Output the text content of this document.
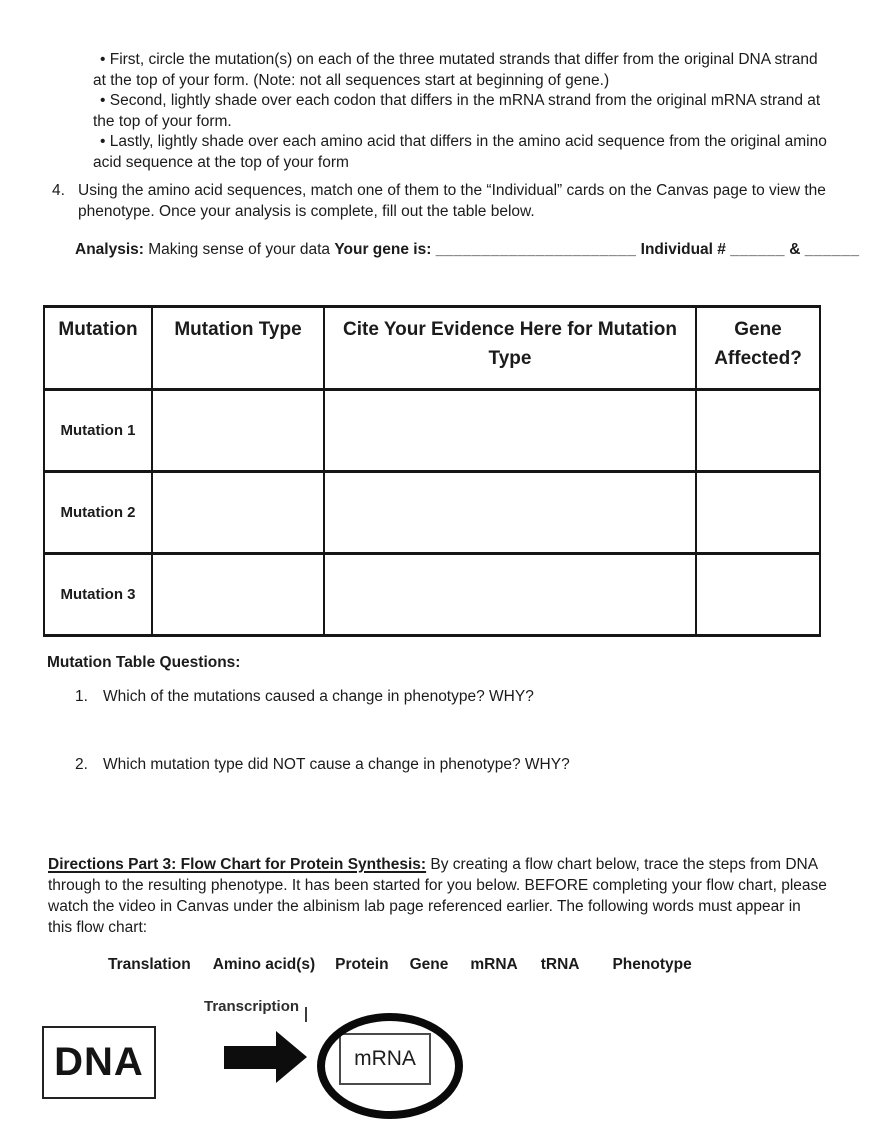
• First, circle the mutation(s) on each of the three mutated strands that differ from the original DNA strand at the top of your form. (Note: not all sequences start at beginning of gene.)
• Second, lightly shade over each codon that differs in the mRNA strand from the original mRNA strand at the top of your form.
• Lastly, lightly shade over each amino acid that differs in the amino acid sequence from the original amino acid sequence at the top of your form
4. Using the amino acid sequences, match one of them to the “Individual” cards on the Canvas page to view the phenotype. Once your analysis is complete, fill out the table below.
Analysis: Making sense of your data Your gene is: ______________________ Individual # ______ & ______
Mutation	Mutation Type	Cite Your Evidence Here for Mutation Type	Gene Affected?
Mutation 1			
Mutation 2			
Mutation 3			
Mutation Table Questions:
1. Which of the mutations caused a change in phenotype? WHY?
2. Which mutation type did NOT cause a change in phenotype? WHY?
Directions Part 3: Flow Chart for Protein Synthesis: By creating a flow chart below, trace the steps from DNA through to the resulting phenotype. It has been started for you below. BEFORE completing your flow chart, please watch the video in Canvas under the albinism lab page referenced earlier. The following words must appear in this flow chart:
Translation Amino acid(s) Protein Gene mRNA tRNA Phenotype
Transcription
DNA	mRNA
